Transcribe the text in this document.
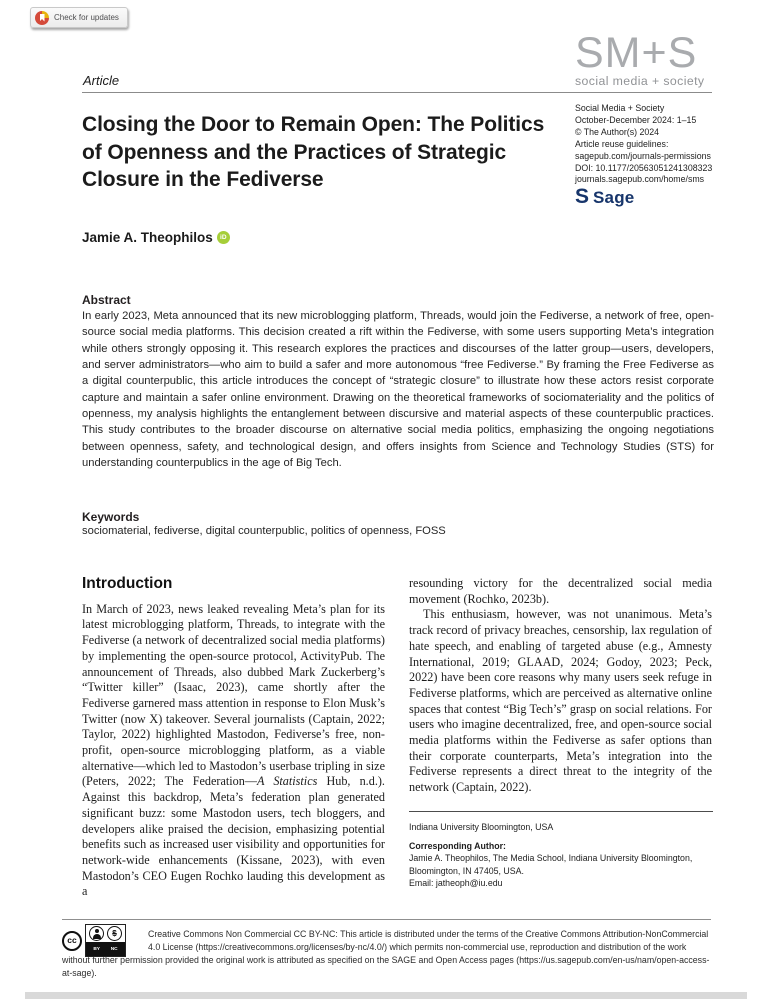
Check for updates
Article
SM+S
social media + society
Social Media + Society
October-December 2024: 1–15
© The Author(s) 2024
Article reuse guidelines:
sagepub.com/journals-permissions
DOI: 10.1177/20563051241308323
journals.sagepub.com/home/sms
S Sage
Closing the Door to Remain Open: The Politics of Openness and the Practices of Strategic Closure in the Fediverse
Jamie A. Theophilos	iD
Abstract
In early 2023, Meta announced that its new microblogging platform, Threads, would join the Fediverse, a network of free, open-source social media platforms. This decision created a rift within the Fediverse, with some users supporting Meta’s integration while others strongly opposing it. This research explores the practices and discourses of the latter group—users, developers, and server administrators—who aim to build a safer and more autonomous “free Fediverse.” By framing the Free Fediverse as a digital counterpublic, this article introduces the concept of “strategic closure” to illustrate how these actors resist corporate capture and maintain a safer online environment. Drawing on the theoretical frameworks of sociomateriality and the politics of openness, my analysis highlights the entanglement between discursive and material aspects of these counterpublic practices. This study contributes to the broader discourse on alternative social media politics, emphasizing the ongoing negotiations between openness, safety, and technological design, and offers insights from Science and Technology Studies (STS) for understanding counterpublics in the age of Big Tech.
Keywords
sociomaterial, fediverse, digital counterpublic, politics of openness, FOSS
Introduction

In March of 2023, news leaked revealing Meta’s plan for its latest microblogging platform, Threads, to integrate with the Fediverse (a network of decentralized social media platforms) by implementing the open-source protocol, ActivityPub. The announcement of Threads, also dubbed Mark Zuckerberg’s “Twitter killer” (Isaac, 2023), came shortly after the Fediverse garnered mass attention in response to Elon Musk’s Twitter (now X) takeover. Several journalists (Captain, 2022; Taylor, 2022) highlighted Mastodon, Fediverse’s free, non-profit, open-source microblogging platform, as a viable alternative—which led to Mastodon’s userbase tripling in size (Peters, 2022; The Federation—A Statistics Hub, n.d.). Against this backdrop, Meta’s federation plan generated significant buzz: some Mastodon users, tech bloggers, and developers alike praised the decision, emphasizing potential benefits such as increased user visibility and opportunities for network-wide enhancements (Kissane, 2023), with even Mastodon’s CEO Eugen Rochko lauding this development as a

resounding victory for the decentralized social media movement (Rochko, 2023b).

This enthusiasm, however, was not unanimous. Meta’s track record of privacy breaches, censorship, lax regulation of hate speech, and enabling of targeted abuse (e.g., Amnesty International, 2019; GLAAD, 2024; Godoy, 2023; Peck, 2022) have been core reasons why many users seek refuge in Fediverse platforms, which are perceived as alternative online spaces that contest “Big Tech’s” grasp on social relations. For users who imagine decentralized, free, and open-source social media platforms within the Fediverse as safer options than their corporate counterparts, Meta’s integration into the Fediverse represents a direct threat to the integrity of the network (Captain, 2022).

Indiana University Bloomington, USA
Corresponding Author:
Jamie A. Theophilos, The Media School, Indiana University Bloomington, Bloomington, IN 47405, USA.
Email: jatheoph@iu.edu
cc
$
BY NC
Creative Commons Non Commercial CC BY-NC: This article is distributed under the terms of the Creative Commons Attribution-NonCommercial 4.0 License (https://creativecommons.org/licenses/by-nc/4.0/) which permits non-commercial use, reproduction and distribution of the work without further permission provided the original work is attributed as specified on the SAGE and Open Access pages (https://us.sagepub.com/en-us/nam/open-access-at-sage).
